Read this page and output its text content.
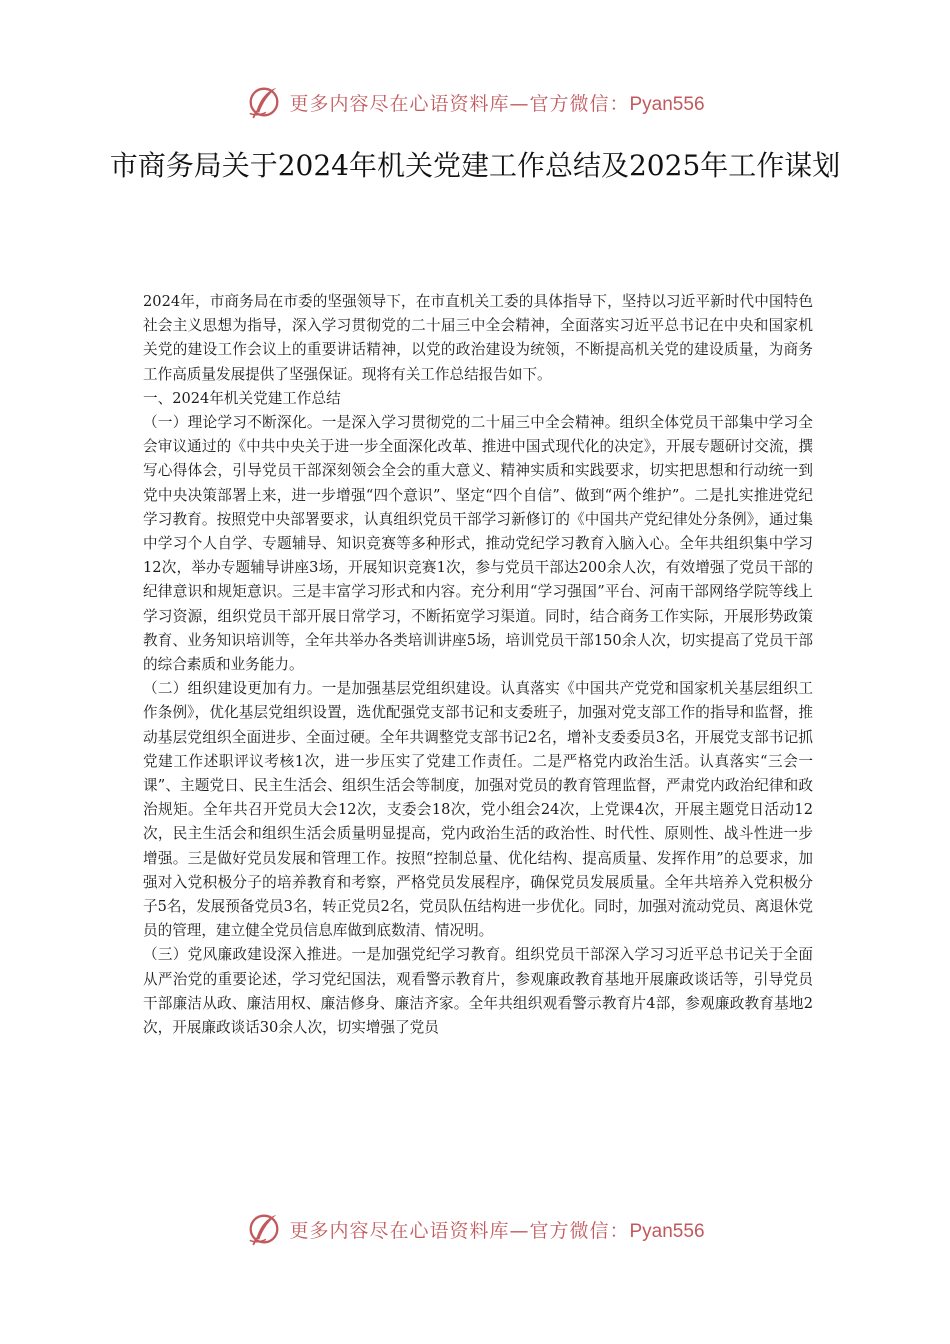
更多内容尽在心语资料库—官方微信：Pyan556
市商务局关于2024年机关党建工作总结及2025年工作谋划

2024年，市商务局在市委的坚强领导下，在市直机关工委的具体指导下，坚持以习近平新时代中国特色社会主义思想为指导，深入学习贯彻党的二十届三中全会精神，全面落实习近平总书记在中央和国家机关党的建设工作会议上的重要讲话精神，以党的政治建设为统领，不断提高机关党的建设质量，为商务工作高质量发展提供了坚强保证。现将有关工作总结报告如下。

一、2024年机关党建工作总结

（一）理论学习不断深化。一是深入学习贯彻党的二十届三中全会精神。组织全体党员干部集中学习全会审议通过的《中共中央关于进一步全面深化改革、推进中国式现代化的决定》，开展专题研讨交流，撰写心得体会，引导党员干部深刻领会全会的重大意义、精神实质和实践要求，切实把思想和行动统一到党中央决策部署上来，进一步增强“四个意识”、坚定“四个自信”、做到“两个维护”。二是扎实推进党纪学习教育。按照党中央部署要求，认真组织党员干部学习新修订的《中国共产党纪律处分条例》，通过集中学习个人自学、专题辅导、知识竞赛等多种形式，推动党纪学习教育入脑入心。全年共组织集中学习12次，举办专题辅导讲座3场，开展知识竞赛1次，参与党员干部达200余人次，有效增强了党员干部的纪律意识和规矩意识。三是丰富学习形式和内容。充分利用“学习强国”平台、河南干部网络学院等线上学习资源，组织党员干部开展日常学习，不断拓宽学习渠道。同时，结合商务工作实际，开展形势政策教育、业务知识培训等，全年共举办各类培训讲座5场，培训党员干部150余人次，切实提高了党员干部的综合素质和业务能力。

（二）组织建设更加有力。一是加强基层党组织建设。认真落实《中国共产党党和国家机关基层组织工作条例》，优化基层党组织设置，选优配强党支部书记和支委班子，加强对党支部工作的指导和监督，推动基层党组织全面进步、全面过硬。全年共调整党支部书记2名，增补支委委员3名，开展党支部书记抓党建工作述职评议考核1次，进一步压实了党建工作责任。二是严格党内政治生活。认真落实“三会一课”、主题党日、民主生活会、组织生活会等制度，加强对党员的教育管理监督，严肃党内政治纪律和政治规矩。全年共召开党员大会12次，支委会18次，党小组会24次，上党课4次，开展主题党日活动12次，民主生活会和组织生活会质量明显提高，党内政治生活的政治性、时代性、原则性、战斗性进一步增强。三是做好党员发展和管理工作。按照“控制总量、优化结构、提高质量、发挥作用”的总要求，加强对入党积极分子的培养教育和考察，严格党员发展程序，确保党员发展质量。全年共培养入党积极分子5名，发展预备党员3名，转正党员2名，党员队伍结构进一步优化。同时，加强对流动党员、离退休党员的管理，建立健全党员信息库做到底数清、情况明。

（三）党风廉政建设深入推进。一是加强党纪学习教育。组织党员干部深入学习习近平总书记关于全面从严治党的重要论述，学习党纪国法，观看警示教育片，参观廉政教育基地开展廉政谈话等，引导党员干部廉洁从政、廉洁用权、廉洁修身、廉洁齐家。全年共组织观看警示教育片4部，参观廉政教育基地2次，开展廉政谈话30余人次，切实增强了党员

更多内容尽在心语资料库—官方微信：Pyan556
